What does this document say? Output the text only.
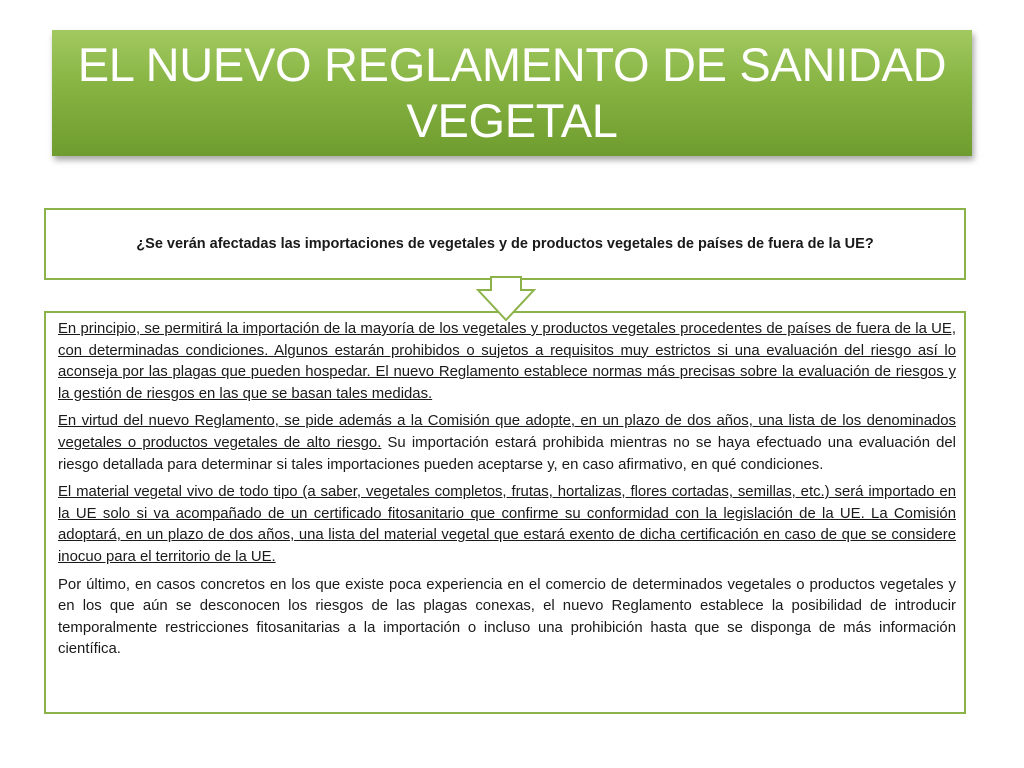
EL NUEVO REGLAMENTO DE SANIDAD VEGETAL
¿Se verán afectadas las importaciones de vegetales y de productos vegetales de países de fuera de la UE?

En principio, se permitirá la importación de la mayoría de los vegetales y productos vegetales procedentes de países de fuera de la UE, con determinadas condiciones. Algunos estarán prohibidos o sujetos a requisitos muy estrictos si una evaluación del riesgo así lo aconseja por las plagas que pueden hospedar. El nuevo Reglamento establece normas más precisas sobre la evaluación de riesgos y la gestión de riesgos en las que se basan tales medidas.

En virtud del nuevo Reglamento, se pide además a la Comisión que adopte, en un plazo de dos años, una lista de los denominados vegetales o productos vegetales de alto riesgo. Su importación estará prohibida mientras no se haya efectuado una evaluación del riesgo detallada para determinar si tales importaciones pueden aceptarse y, en caso afirmativo, en qué condiciones.

El material vegetal vivo de todo tipo (a saber, vegetales completos, frutas, hortalizas, flores cortadas, semillas, etc.) será importado en la UE solo si va acompañado de un certificado fitosanitario que confirme su conformidad con la legislación de la UE. La Comisión adoptará, en un plazo de dos años, una lista del material vegetal que estará exento de dicha certificación en caso de que se considere inocuo para el territorio de la UE.

Por último, en casos concretos en los que existe poca experiencia en el comercio de determinados vegetales o productos vegetales y en los que aún se desconocen los riesgos de las plagas conexas, el nuevo Reglamento establece la posibilidad de introducir temporalmente restricciones fitosanitarias a la importación o incluso una prohibición hasta que se disponga de más información científica.
